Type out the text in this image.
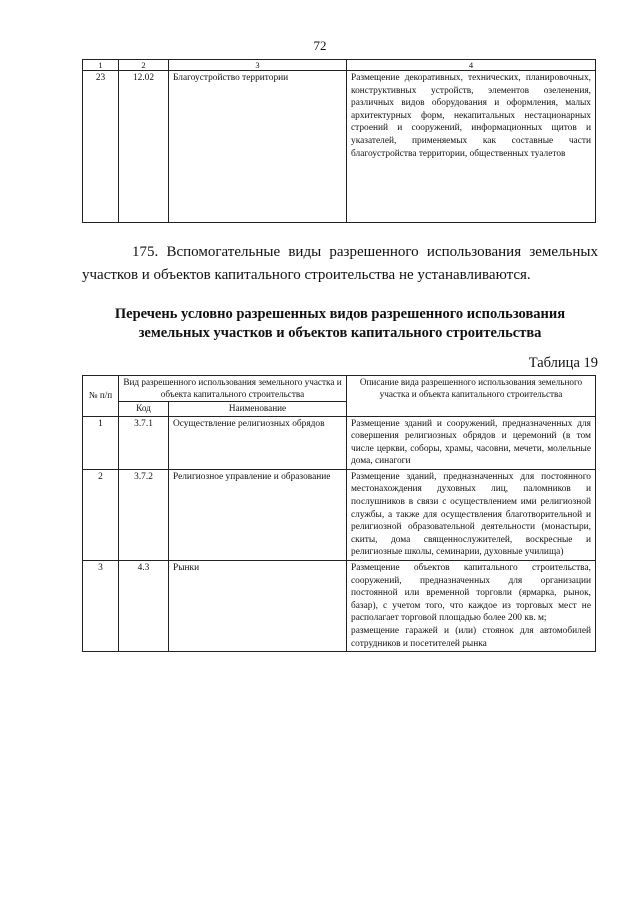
72
1	2	3	4
23	12.02	Благоустройство территории	Размещение декоративных, технических, планировочных, конструктивных устройств, элементов озеленения, различных видов оборудования и оформления, малых архитектурных форм, некапитальных нестационарных строений и сооружений, информационных щитов и указателей, применяемых как составные части благоустройства территории, общественных туалетов
175. Вспомогательные виды разрешенного использования земельных участков и объектов капитального строительства не устанавливаются.
Перечень условно разрешенных видов разрешенного использования земельных участков и объектов капитального строительства
Таблица 19
№ п/п	Вид разрешенного использования земельного участка и объекта капитального строительства		Описание вида разрешенного использования земельного участка и объекта капитального строительства
	Код	Наименование	
1	3.7.1	Осуществление религиозных обрядов	Размещение зданий и сооружений, предназначенных для совершения религиозных обрядов и церемоний (в том числе церкви, соборы, храмы, часовни, мечети, молельные дома, синагоги
2	3.7.2	Религиозное управление и образование	Размещение зданий, предназначенных для постоянного местонахождения духовных лиц, паломников и послушников в связи с осуществлением ими религиозной службы, а также для осуществления благотворительной и религиозной образовательной деятельности (монастыри, скиты, дома священнослужителей, воскресные и религиозные школы, семинарии, духовные училища)
3	4.3	Рынки	Размещение объектов капитального строительства, сооружений, предназначенных для организации постоянной или временной торговли (ярмарка, рынок, базар), с учетом того, что каждое из торговых мест не располагает торговой площадью более 200 кв. м;
размещение гаражей и (или) стоянок для автомобилей сотрудников и посетителей рынка
